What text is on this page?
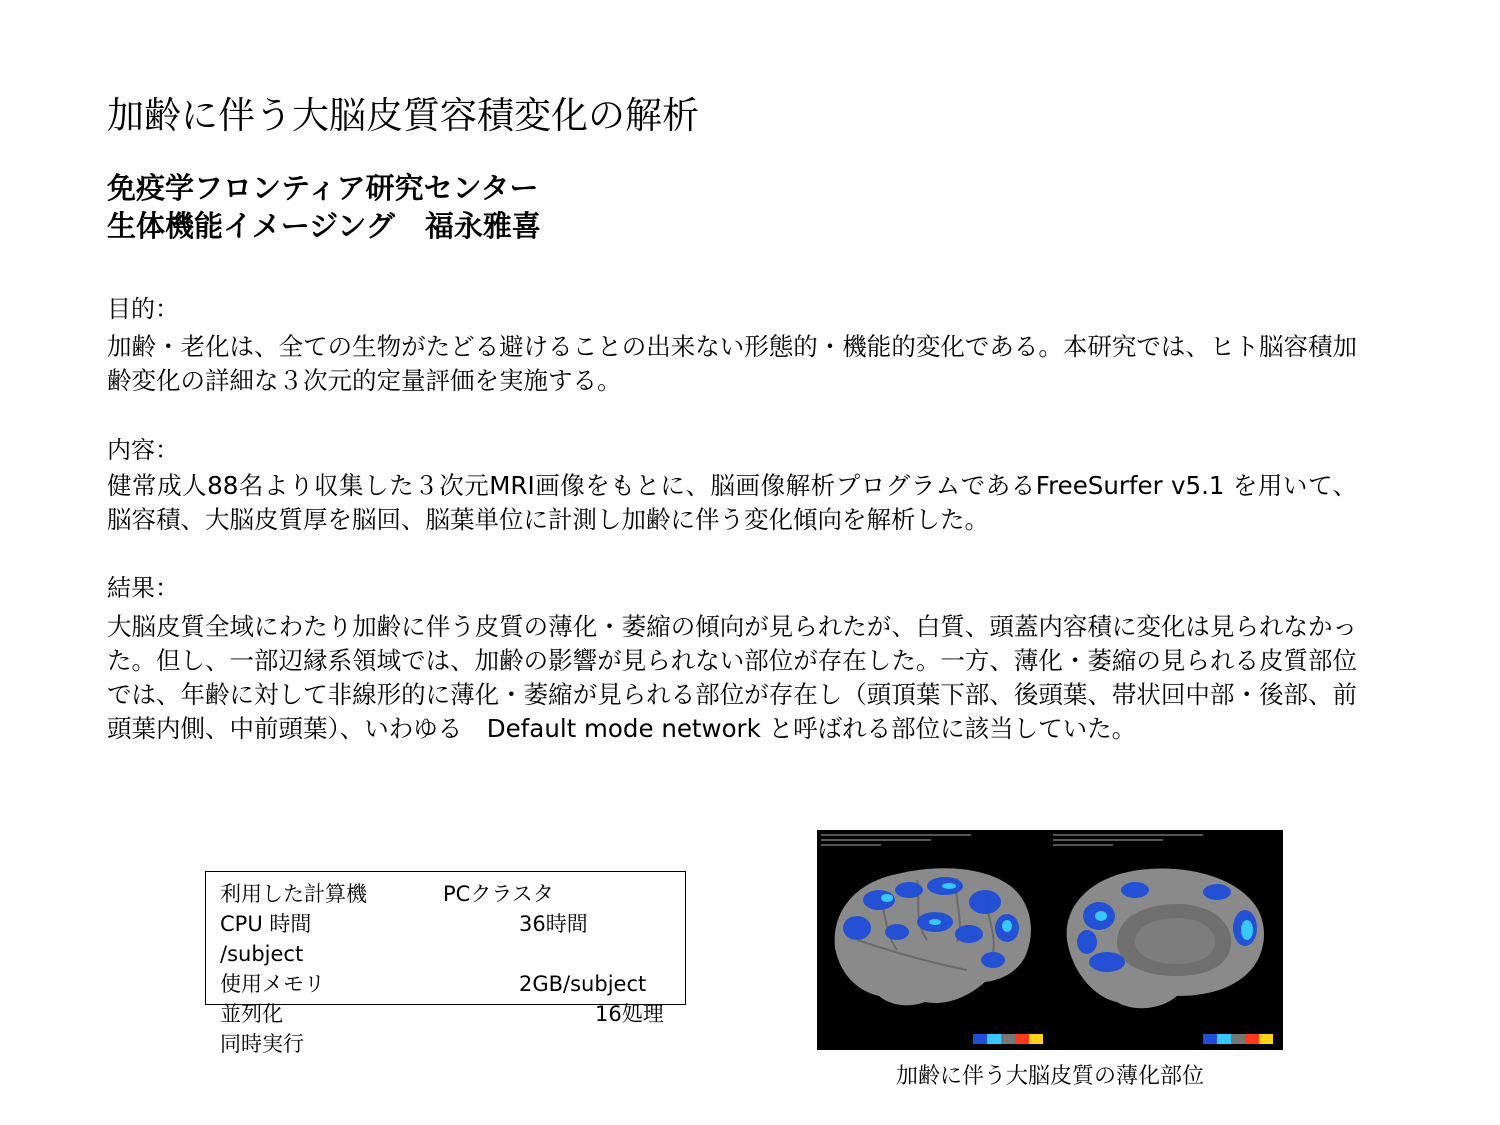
加齢に伴う大脳皮質容積変化の解析
免疫学フロンティア研究センター
生体機能イメージング 福永雅喜
目的：
加齢・老化は、全ての生物がたどる避けることの出来ない形態的・機能的変化である。本研究では、ヒト脳容積加齢変化の詳細な３次元的定量評価を実施する。
内容：
健常成人88名より収集した３次元MRI画像をもとに、脳画像解析プログラムであるFreeSurfer v5.1 を用いて、脳容積、大脳皮質厚を脳回、脳葉単位に計測し加齢に伴う変化傾向を解析した。
結果：
大脳皮質全域にわたり加齢に伴う皮質の薄化・萎縮の傾向が見られたが、白質、頭蓋内容積に変化は見られなかった。但し、一部辺縁系領域では、加齢の影響が見られない部位が存在した。一方、薄化・萎縮の見られる皮質部位では、年齢に対して非線形的に薄化・萎縮が見られる部位が存在し（頭頂葉下部、後頭葉、帯状回中部・後部、前頭葉内側、中前頭葉）、いわゆる　Default mode network と呼ばれる部位に該当していた。
利用した計算機	PCクラスタ
CPU 時間	36時間
/subject
使用メモリ	2GB/subject
並列化	16処理
同時実行
加齢に伴う大脳皮質の薄化部位
